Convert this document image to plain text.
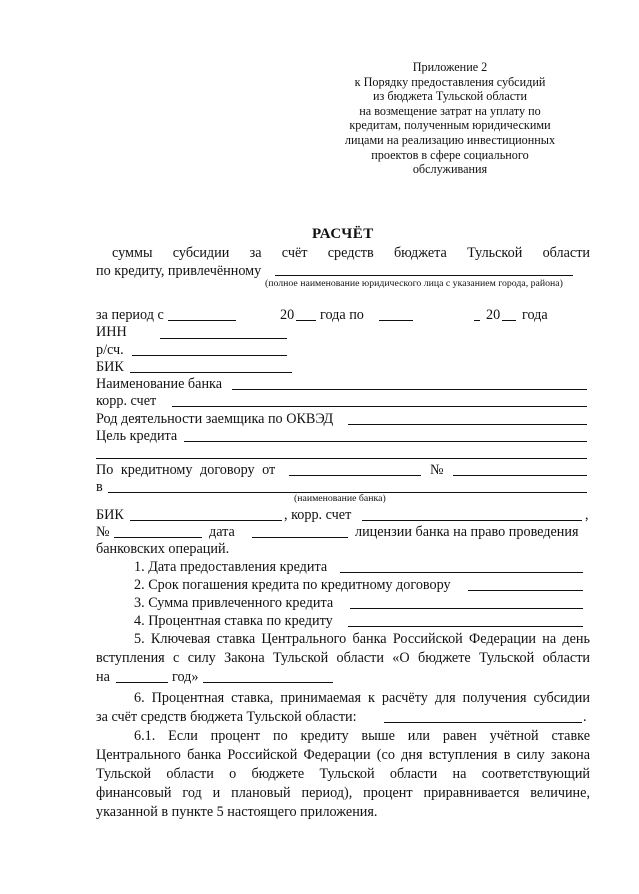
Приложение 2
к Порядку предоставления субсидий
из бюджета Тульской области
на возмещение затрат на уплату по
кредитам, полученным юридическими
лицами на реализацию инвестиционных
проектов в сфере социального
обслуживания
РАСЧЁТ
суммы субсидии за счёт средств бюджета Тульской области
по кредиту, привлечённому
(полное наименование юридического лица с указанием города, района)
за период с	20 года по	20 года
ИНН
р/сч.
БИК
Наименование банка
корр. счет
Род деятельности заемщика по ОКВЭД
Цель кредита
По кредитному договору от	№
в
(наименование банка)
БИК	, корр. счет	,
№	дата	лицензии банка на право проведения
банковских операций.
1. Дата предоставления кредита
2. Срок погашения кредита по кредитному договору
3. Сумма привлеченного кредита
4. Процентная ставка по кредиту
5. Ключевая ставка Центрального банка Российской Федерации на день
вступления с силу Закона Тульской области «О бюджете Тульской области
на	год»
6. Процентная ставка, принимаемая к расчёту для получения субсидии
за счёт средств бюджета Тульской области:	.
6.1. Если процент по кредиту выше или равен учётной ставке
Центрального банка Российской Федерации (со дня вступления в силу закона
Тульской области о бюджете Тульской области на соответствующий
финансовый год и плановый период), процент приравнивается величине,
указанной в пункте 5 настоящего приложения.
